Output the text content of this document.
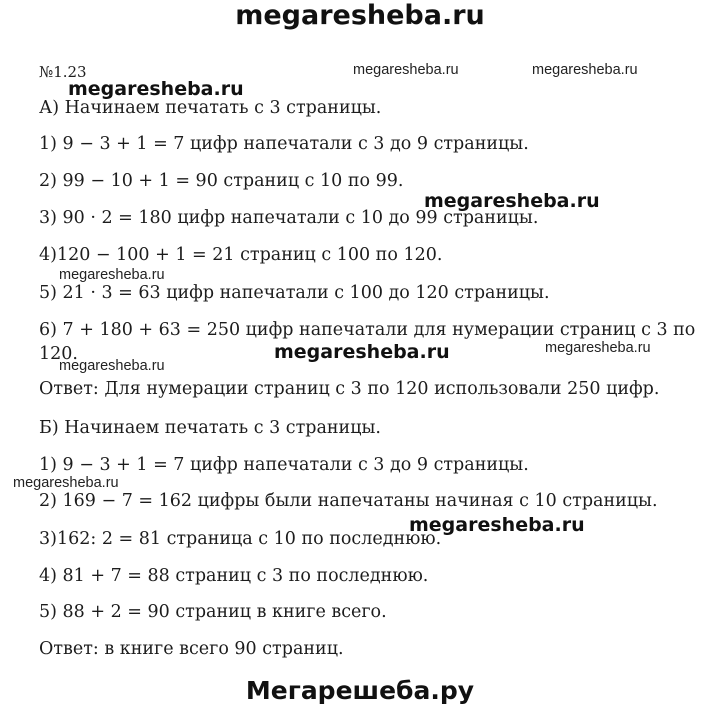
megaresheba.ru
№1.23
А) Начинаем печатать с 3 страницы.
1) 9 − 3 + 1 = 7 цифр напечатали с 3 до 9 страницы.
2) 99 − 10 + 1 = 90 страниц с 10 по 99.
3) 90 · 2 = 180 цифр напечатали с 10 до 99 страницы.
4)120 − 100 + 1 = 21 страниц с 100 по 120.
5) 21 · 3 = 63 цифр напечатали с 100 до 120 страницы.
6) 7 + 180 + 63 = 250 цифр напечатали для нумерации страниц с 3 по
120.
Ответ: Для нумерации страниц с 3 по 120 использовали 250 цифр.
Б) Начинаем печатать с 3 страницы.
1) 9 − 3 + 1 = 7 цифр напечатали с 3 до 9 страницы.
2) 169 − 7 = 162 цифры были напечатаны начиная с 10 страницы.
3)162: 2 = 81 страница с 10 по последнюю.
4) 81 + 7 = 88 страниц с 3 по последнюю.
5) 88 + 2 = 90 страниц в книге всего.
Ответ: в книге всего 90 страниц.
megaresheba.ru	megaresheba.ru
megaresheba.ru
megaresheba.ru
megaresheba.ru
megaresheba.ru	megaresheba.ru
megaresheba.ru
megaresheba.ru
megaresheba.ru
Мегарешеба.ру
